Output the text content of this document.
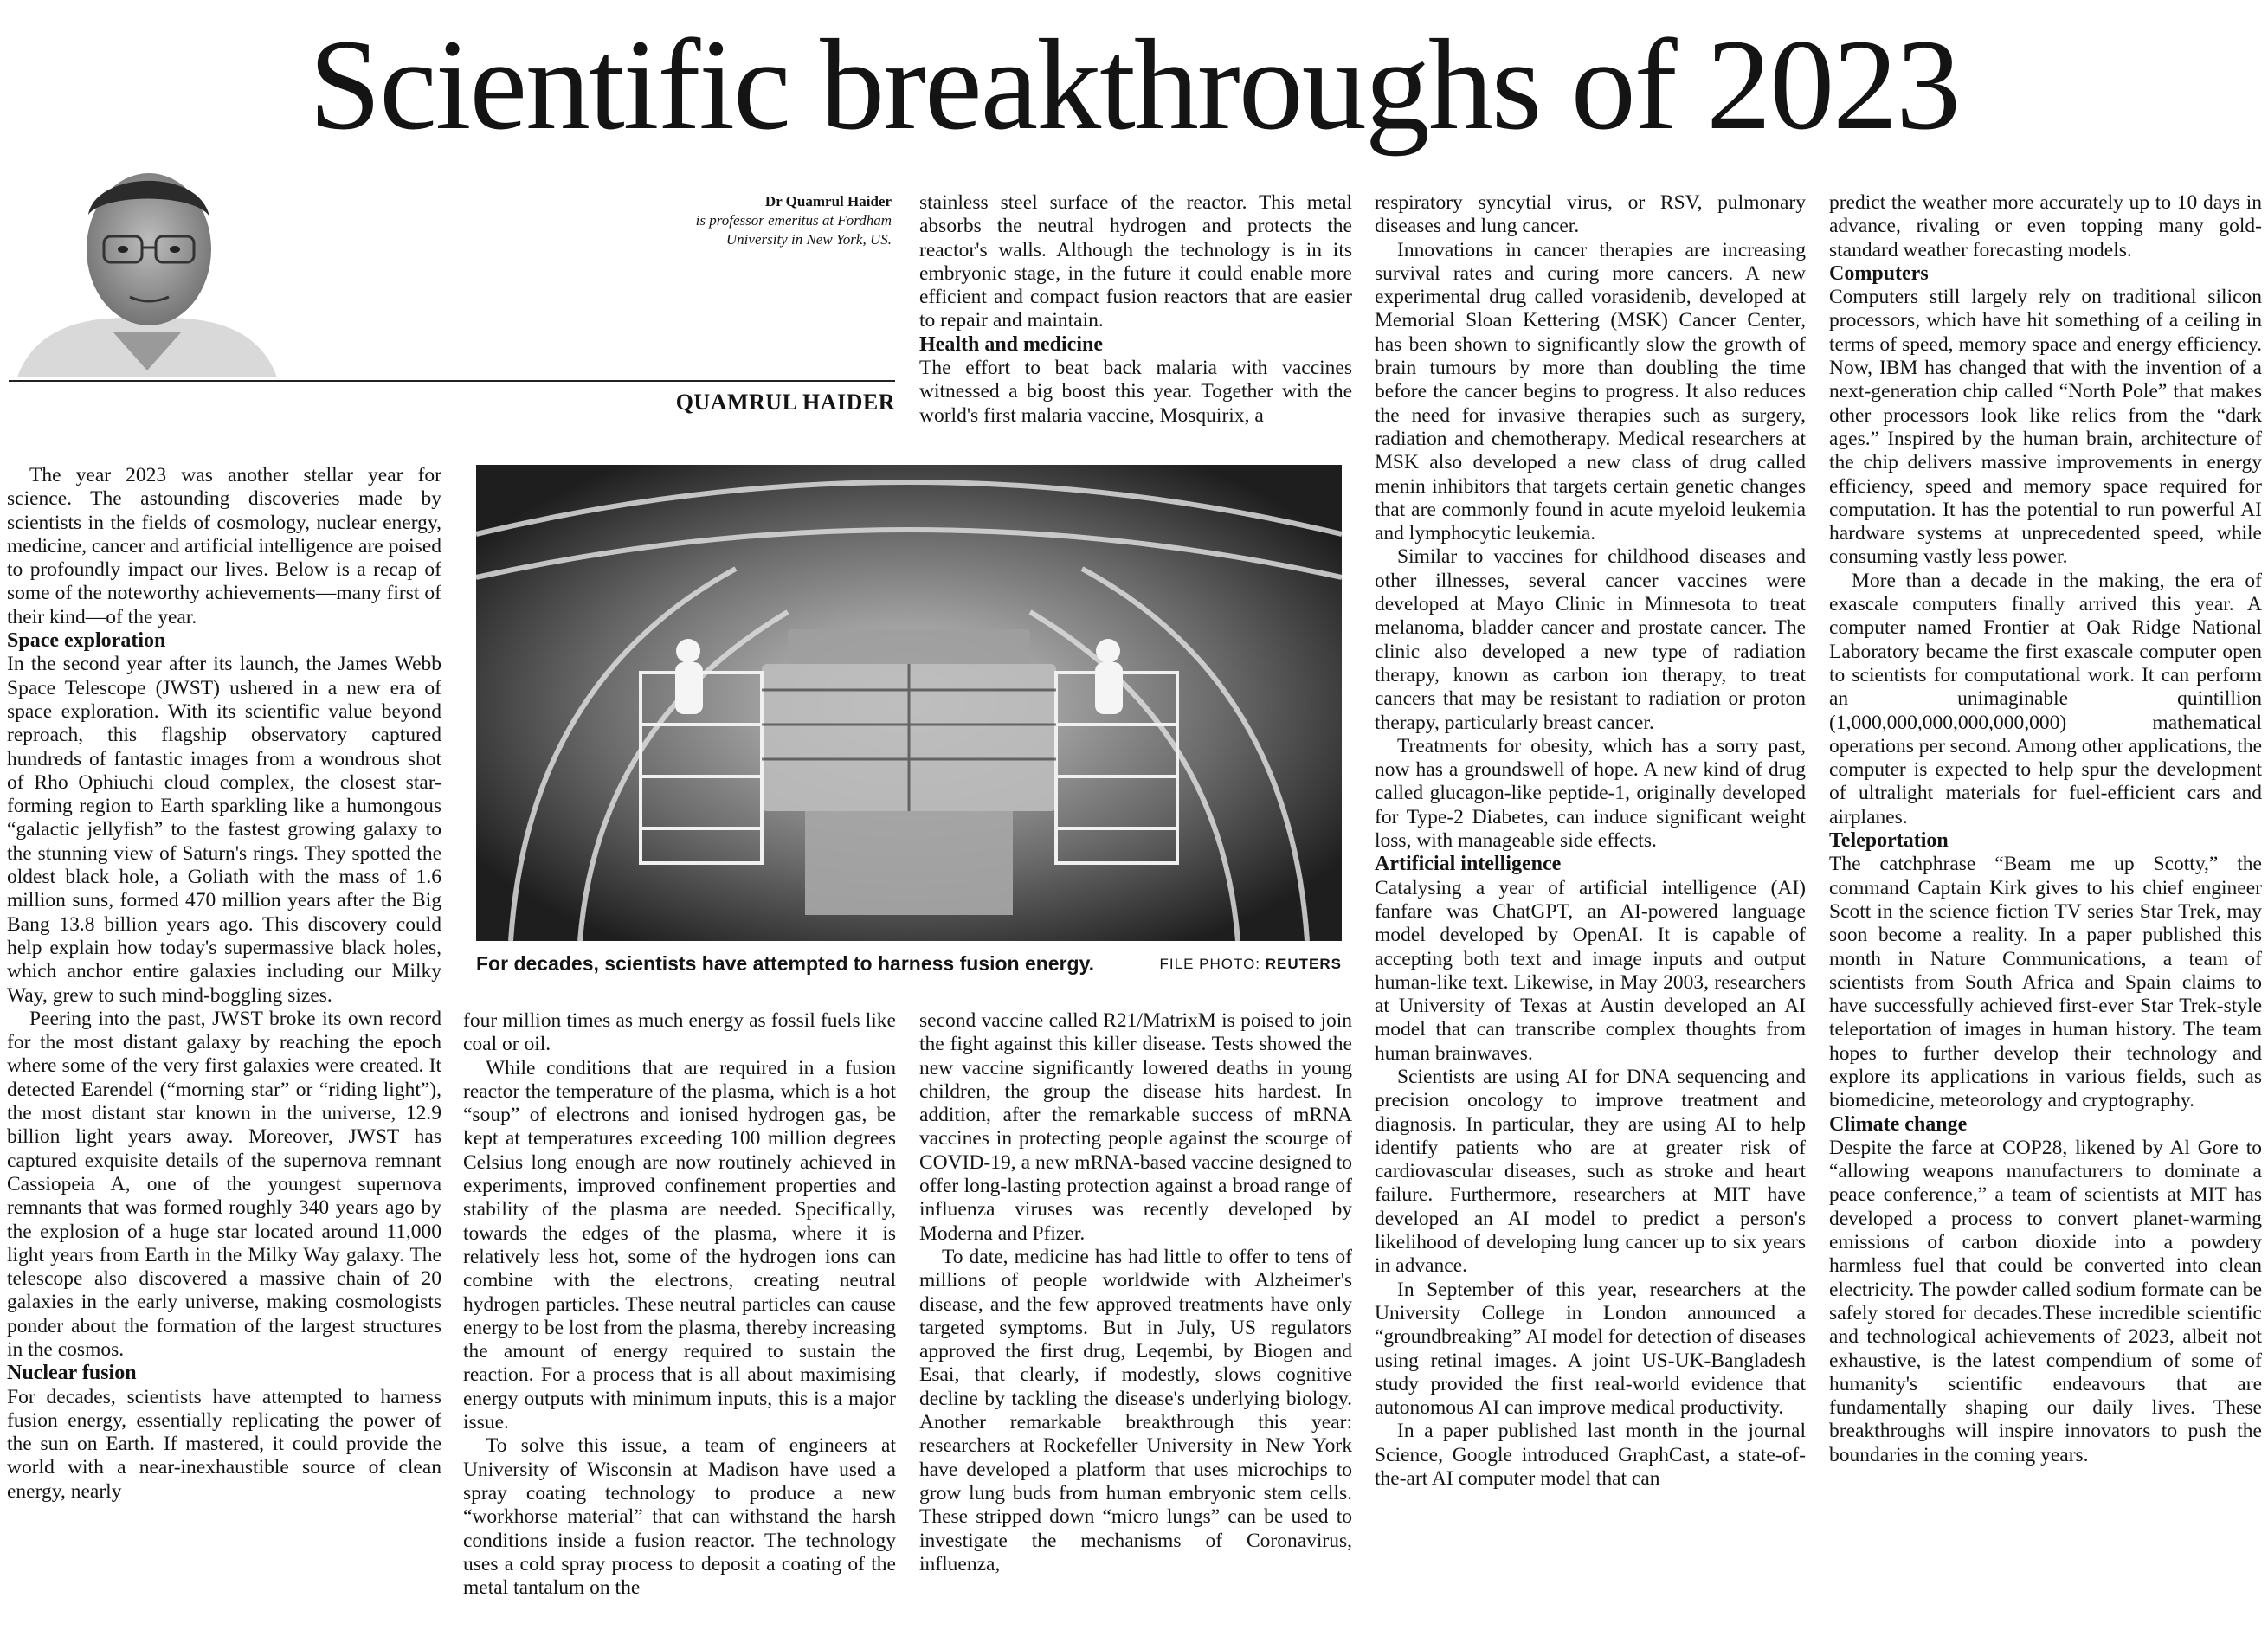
Scientific breakthroughs of 2023
Dr Quamrul Haider
is professor emeritus at Fordham
University in New York, US.
QUAMRUL HAIDER
For decades, scientists have attempted to harness fusion energy.	FILE PHOTO: REUTERS

The year 2023 was another stellar year for science. The astounding discoveries made by scientists in the fields of cosmology, nuclear energy, medicine, cancer and artificial intelligence are poised to profoundly impact our lives. Below is a recap of some of the noteworthy achievements—many first of their kind—of the year.

Space exploration

In the second year after its launch, the James Webb Space Telescope (JWST) ushered in a new era of space exploration. With its scientific value beyond reproach, this flagship observatory captured hundreds of fantastic images from a wondrous shot of Rho Ophiuchi cloud complex, the closest star-forming region to Earth sparkling like a humongous “galactic jellyfish” to the fastest growing galaxy to the stunning view of Saturn's rings. They spotted the oldest black hole, a Goliath with the mass of 1.6 million suns, formed 470 million years after the Big Bang 13.8 billion years ago. This discovery could help explain how today's supermassive black holes, which anchor entire galaxies including our Milky Way, grew to such mind-boggling sizes.

Peering into the past, JWST broke its own record for the most distant galaxy by reaching the epoch where some of the very first galaxies were created. It detected Earendel (“morning star” or “riding light”), the most distant star known in the universe, 12.9 billion light years away. Moreover, JWST has captured exquisite details of the supernova remnant Cassiopeia A, one of the youngest supernova remnants that was formed roughly 340 years ago by the explosion of a huge star located around 11,000 light years from Earth in the Milky Way galaxy. The telescope also discovered a massive chain of 20 galaxies in the early universe, making cosmologists ponder about the formation of the largest structures in the cosmos.

Nuclear fusion

For decades, scientists have attempted to harness fusion energy, essentially replicating the power of the sun on Earth. If mastered, it could provide the world with a near-inexhaustible source of clean energy, nearly

four million times as much energy as fossil fuels like coal or oil.

While conditions that are required in a fusion reactor the temperature of the plasma, which is a hot “soup” of electrons and ionised hydrogen gas, be kept at temperatures exceeding 100 million degrees Celsius long enough are now routinely achieved in experiments, improved confinement properties and stability of the plasma are needed. Specifically, towards the edges of the plasma, where it is relatively less hot, some of the hydrogen ions can combine with the electrons, creating neutral hydrogen particles. These neutral particles can cause energy to be lost from the plasma, thereby increasing the amount of energy required to sustain the reaction. For a process that is all about maximising energy outputs with minimum inputs, this is a major issue.

To solve this issue, a team of engineers at University of Wisconsin at Madison have used a spray coating technology to produce a new “workhorse material” that can withstand the harsh conditions inside a fusion reactor. The technology uses a cold spray process to deposit a coating of the metal tantalum on the

stainless steel surface of the reactor. This metal absorbs the neutral hydrogen and protects the reactor's walls. Although the technology is in its embryonic stage, in the future it could enable more efficient and compact fusion reactors that are easier to repair and maintain.

Health and medicine

The effort to beat back malaria with vaccines witnessed a big boost this year. Together with the world's first malaria vaccine, Mosquirix, a

second vaccine called R21/MatrixM is poised to join the fight against this killer disease. Tests showed the new vaccine significantly lowered deaths in young children, the group the disease hits hardest. In addition, after the remarkable success of mRNA vaccines in protecting people against the scourge of COVID-19, a new mRNA-based vaccine designed to offer long-lasting protection against a broad range of influenza viruses was recently developed by Moderna and Pfizer.

To date, medicine has had little to offer to tens of millions of people worldwide with Alzheimer's disease, and the few approved treatments have only targeted symptoms. But in July, US regulators approved the first drug, Leqembi, by Biogen and Esai, that clearly, if modestly, slows cognitive decline by tackling the disease's underlying biology. Another remarkable breakthrough this year: researchers at Rockefeller University in New York have developed a platform that uses microchips to grow lung buds from human embryonic stem cells. These stripped down “micro lungs” can be used to investigate the mechanisms of Coronavirus, influenza,

respiratory syncytial virus, or RSV, pulmonary diseases and lung cancer.

Innovations in cancer therapies are increasing survival rates and curing more cancers. A new experimental drug called vorasidenib, developed at Memorial Sloan Kettering (MSK) Cancer Center, has been shown to significantly slow the growth of brain tumours by more than doubling the time before the cancer begins to progress. It also reduces the need for invasive therapies such as surgery, radiation and chemotherapy. Medical researchers at MSK also developed a new class of drug called menin inhibitors that targets certain genetic changes that are commonly found in acute myeloid leukemia and lymphocytic leukemia.

Similar to vaccines for childhood diseases and other illnesses, several cancer vaccines were developed at Mayo Clinic in Minnesota to treat melanoma, bladder cancer and prostate cancer. The clinic also developed a new type of radiation therapy, known as carbon ion therapy, to treat cancers that may be resistant to radiation or proton therapy, particularly breast cancer.

Treatments for obesity, which has a sorry past, now has a groundswell of hope. A new kind of drug called glucagon-like peptide-1, originally developed for Type-2 Diabetes, can induce significant weight loss, with manageable side effects.

Artificial intelligence

Catalysing a year of artificial intelligence (AI) fanfare was ChatGPT, an AI-powered language model developed by OpenAI. It is capable of accepting both text and image inputs and output human-like text. Likewise, in May 2003, researchers at University of Texas at Austin developed an AI model that can transcribe complex thoughts from human brainwaves.

Scientists are using AI for DNA sequencing and precision oncology to improve treatment and diagnosis. In particular, they are using AI to help identify patients who are at greater risk of cardiovascular diseases, such as stroke and heart failure. Furthermore, researchers at MIT have developed an AI model to predict a person's likelihood of developing lung cancer up to six years in advance.

In September of this year, researchers at the University College in London announced a “groundbreaking” AI model for detection of diseases using retinal images. A joint US-UK-Bangladesh study provided the first real-world evidence that autonomous AI can improve medical productivity.

In a paper published last month in the journal Science, Google introduced GraphCast, a state-of-the-art AI computer model that can

predict the weather more accurately up to 10 days in advance, rivaling or even topping many gold-standard weather forecasting models.

Computers

Computers still largely rely on traditional silicon processors, which have hit something of a ceiling in terms of speed, memory space and energy efficiency. Now, IBM has changed that with the invention of a next-generation chip called “North Pole” that makes other processors look like relics from the “dark ages.” Inspired by the human brain, architecture of the chip delivers massive improvements in energy efficiency, speed and memory space required for computation. It has the potential to run powerful AI hardware systems at unprecedented speed, while consuming vastly less power.

More than a decade in the making, the era of exascale computers finally arrived this year. A computer named Frontier at Oak Ridge National Laboratory became the first exascale computer open to scientists for computational work. It can perform an unimaginable quintillion (1,000,000,000,000,000,000) mathematical operations per second. Among other applications, the computer is expected to help spur the development of ultralight materials for fuel-efficient cars and airplanes.

Teleportation

The catchphrase “Beam me up Scotty,” the command Captain Kirk gives to his chief engineer Scott in the science fiction TV series Star Trek, may soon become a reality. In a paper published this month in Nature Communications, a team of scientists from South Africa and Spain claims to have successfully achieved first-ever Star Trek-style teleportation of images in human history. The team hopes to further develop their technology and explore its applications in various fields, such as biomedicine, meteorology and cryptography.

Climate change

Despite the farce at COP28, likened by Al Gore to “allowing weapons manufacturers to dominate a peace conference,” a team of scientists at MIT has developed a process to convert planet-warming emissions of carbon dioxide into a powdery harmless fuel that could be converted into clean electricity. The powder called sodium formate can be safely stored for decades.These incredible scientific and technological achievements of 2023, albeit not exhaustive, is the latest compendium of some of humanity's scientific endeavours that are fundamentally shaping our daily lives. These breakthroughs will inspire innovators to push the boundaries in the coming years.
